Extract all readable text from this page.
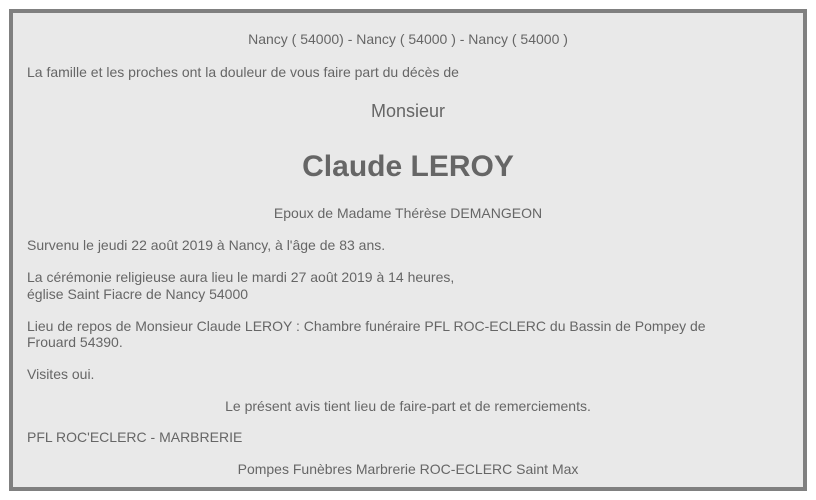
Nancy ( 54000) - Nancy ( 54000 ) - Nancy ( 54000 )
La famille et les proches ont la douleur de vous faire part du décès de
Monsieur
Claude LEROY
Epoux de Madame Thérèse DEMANGEON
Survenu le jeudi 22 août 2019 à Nancy, à l'âge de 83 ans.
La cérémonie religieuse aura lieu le mardi 27 août 2019 à 14 heures,
église Saint Fiacre de Nancy 54000
Lieu de repos de Monsieur Claude LEROY : Chambre funéraire PFL ROC-ECLERC du Bassin de Pompey de Frouard 54390.
Visites oui.
Le présent avis tient lieu de faire-part et de remerciements.
PFL ROC'ECLERC - MARBRERIE
Pompes Funèbres Marbrerie ROC-ECLERC Saint Max
